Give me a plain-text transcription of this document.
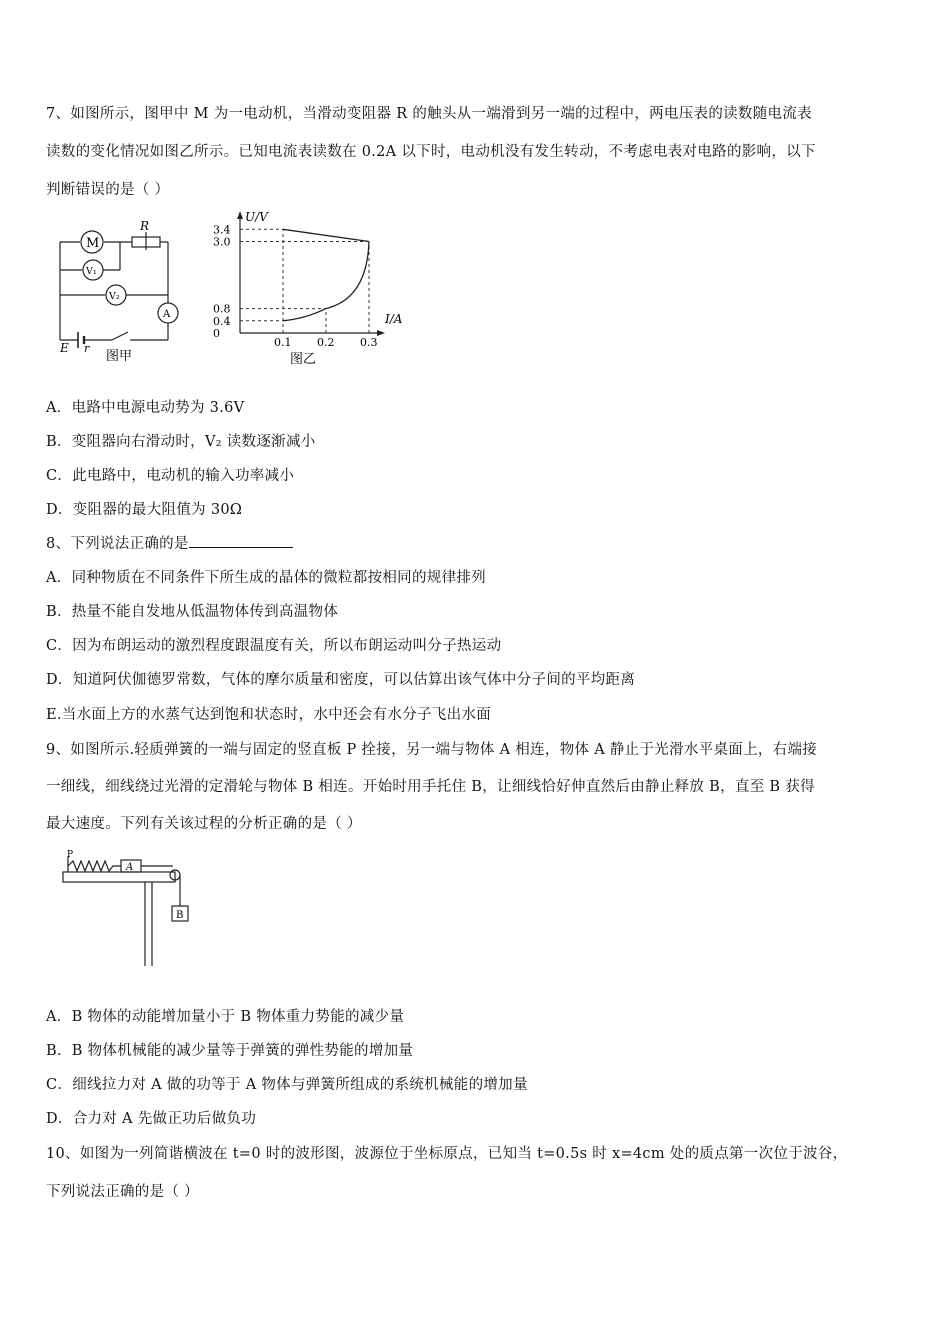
7、如图所示，图甲中 M 为一电动机，当滑动变阻器 R 的触头从一端滑到另一端的过程中，两电压表的读数随电流表
读数的变化情况如图乙所示。已知电流表读数在 0.2A 以下时，电动机没有发生转动，不考虑电表对电路的影响，以下
判断错误的是（ ）
M
V₁
V₂
A
R
E r
图甲
U/V
I/A
3.4
3.0
0.8
0.4
0
0.1 0.2 0.3
图乙
A．电路中电源电动势为 3.6V
B．变阻器向右滑动时，V₂ 读数逐渐减小
C．此电路中，电动机的输入功率减小
D．变阻器的最大阻值为 30Ω
8、下列说法正确的是
A．同种物质在不同条件下所生成的晶体的微粒都按相同的规律排列
B．热量不能自发地从低温物体传到高温物体
C．因为布朗运动的激烈程度跟温度有关，所以布朗运动叫分子热运动
D．知道阿伏伽德罗常数，气体的摩尔质量和密度，可以估算出该气体中分子间的平均距离
E.当水面上方的水蒸气达到饱和状态时，水中还会有水分子飞出水面
9、如图所示.轻质弹簧的一端与固定的竖直板 P 拴接，另一端与物体 A 相连，物体 A 静止于光滑水平桌面上，右端接
一细线，细线绕过光滑的定滑轮与物体 B 相连。开始时用手托住 B，让细线恰好伸直然后由静止释放 B，直至 B 获得
最大速度。下列有关该过程的分析正确的是（ ）
P
A
B
A．B 物体的动能增加量小于 B 物体重力势能的减少量
B．B 物体机械能的减少量等于弹簧的弹性势能的增加量
C．细线拉力对 A 做的功等于 A 物体与弹簧所组成的系统机械能的增加量
D．合力对 A 先做正功后做负功
10、如图为一列简谐横波在 t=0 时的波形图，波源位于坐标原点，已知当 t=0.5s 时 x=4cm 处的质点第一次位于波谷，
下列说法正确的是（ ）
